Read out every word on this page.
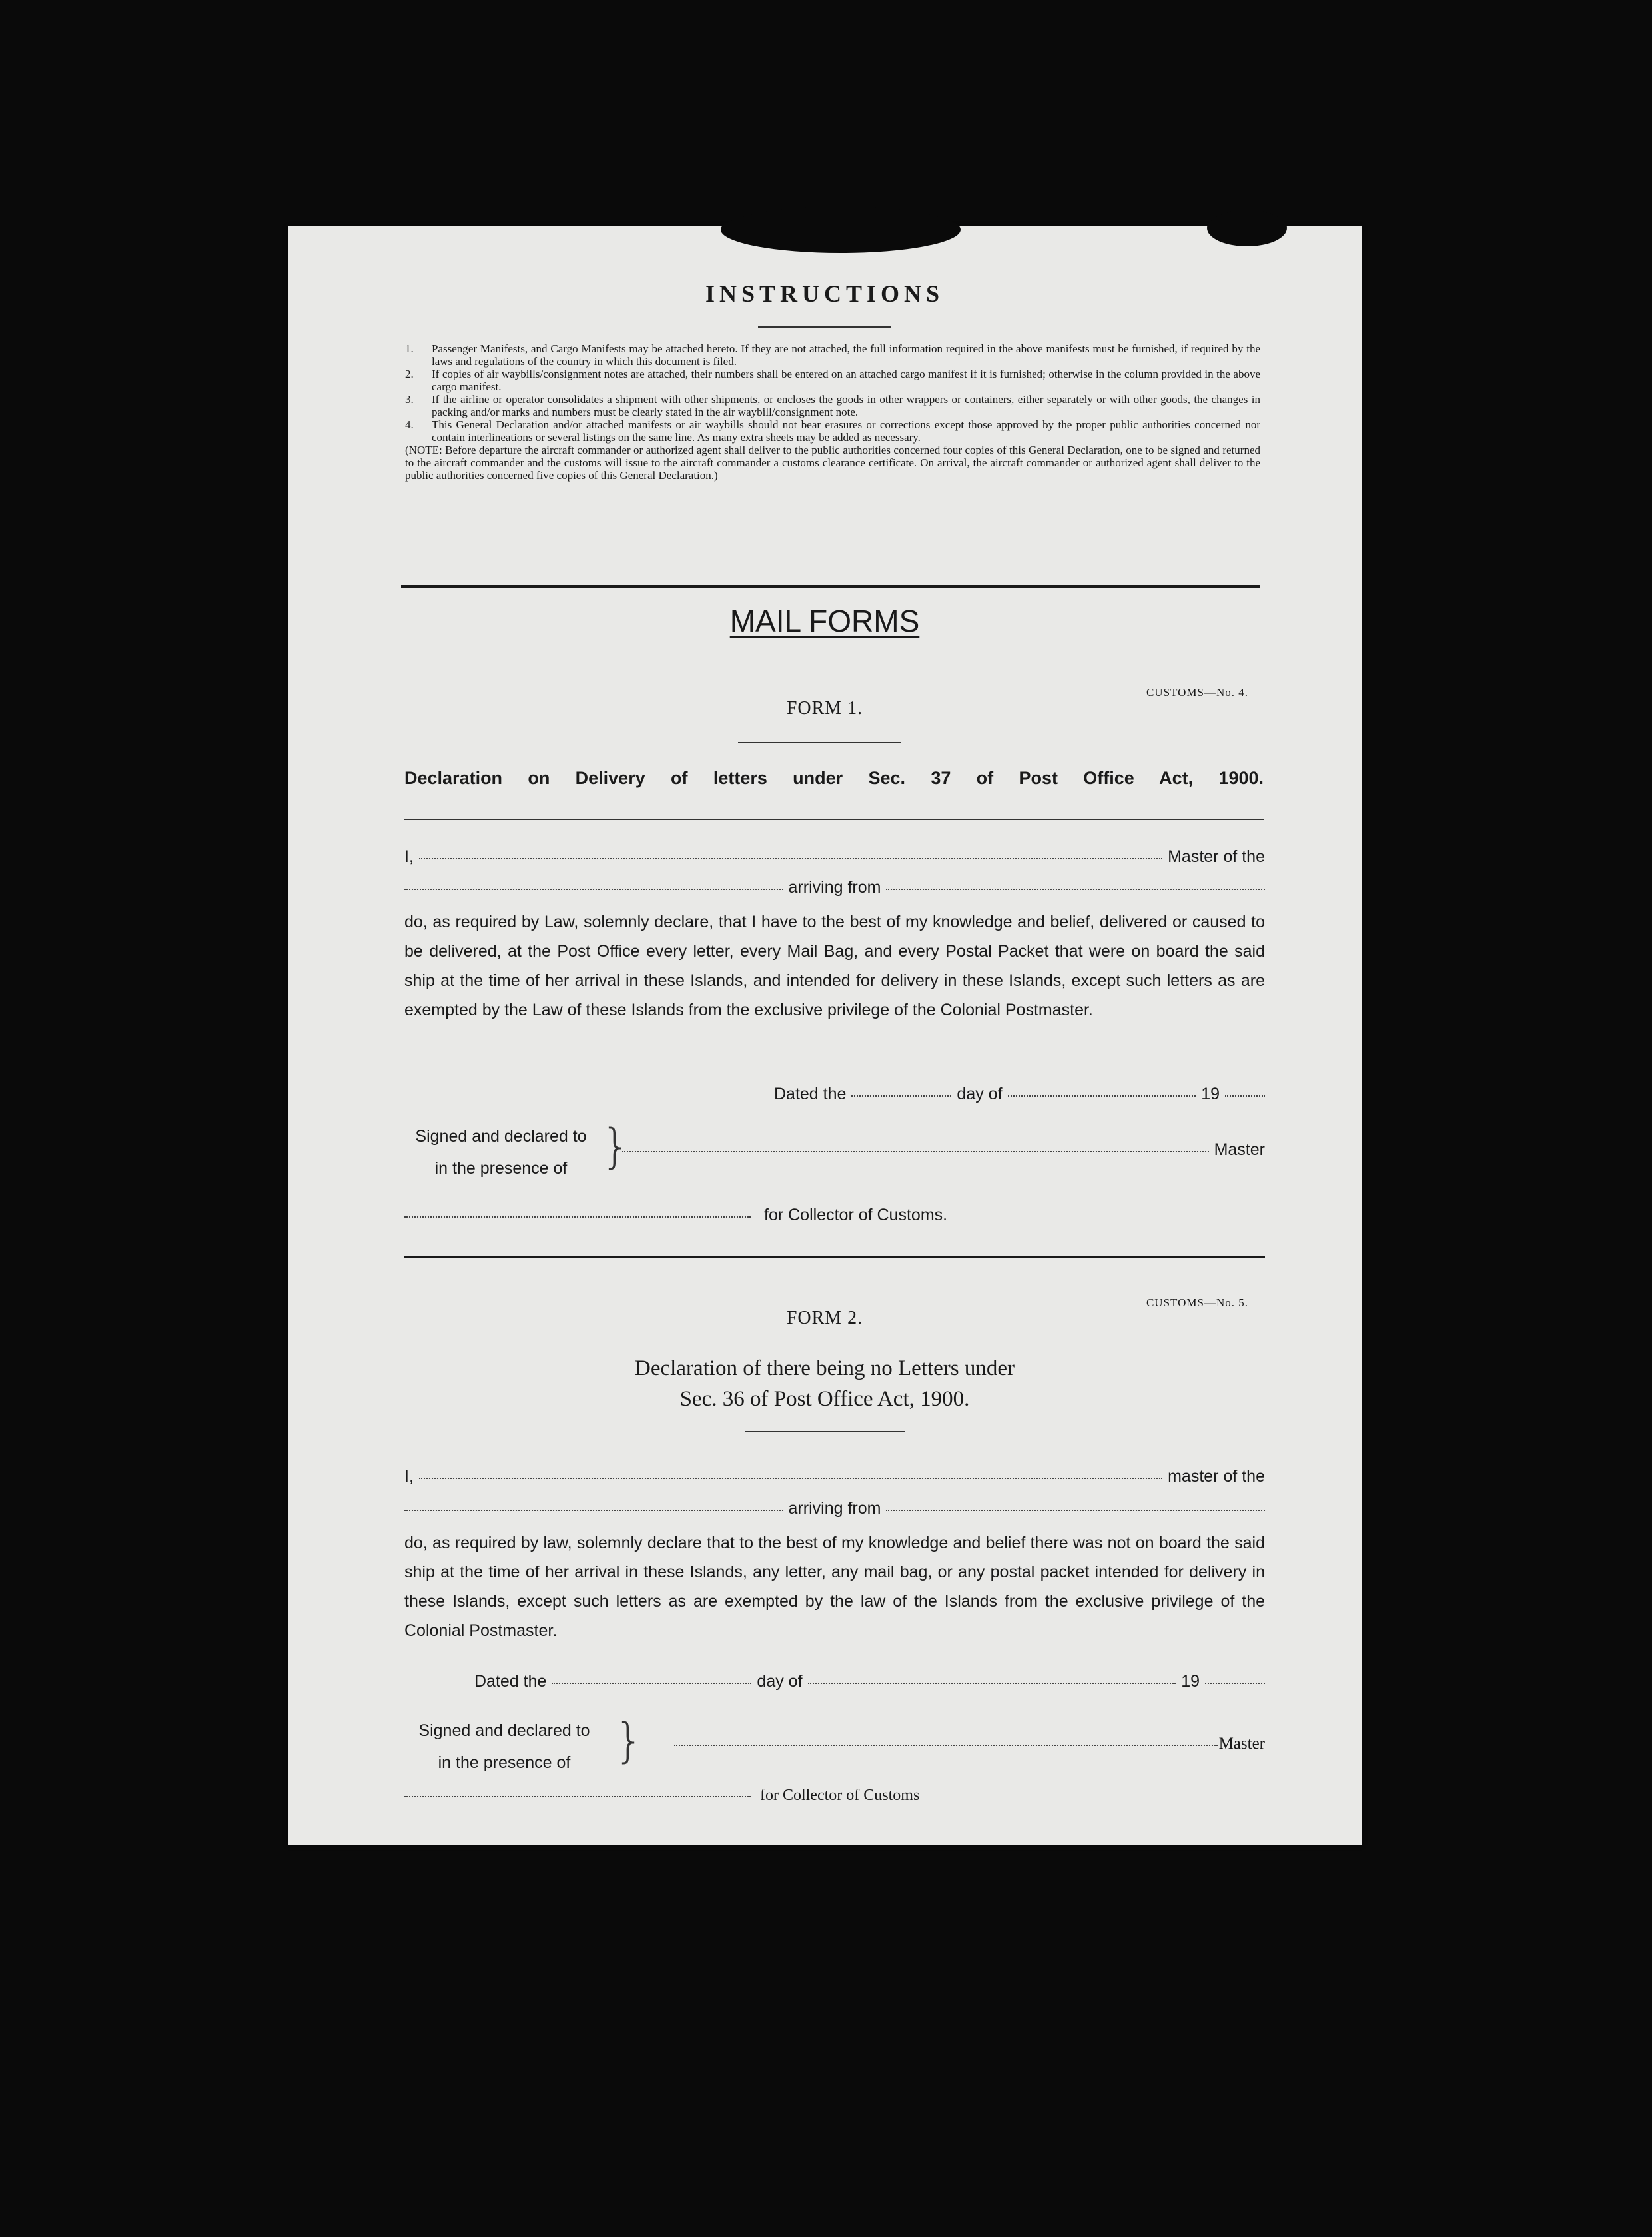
INSTRUCTIONS
1.	Passenger Manifests, and Cargo Manifests may be attached hereto. If they are not attached, the full information required in the above manifests must be furnished, if required by the laws and regulations of the country in which this document is filed.
2.	If copies of air waybills/consignment notes are attached, their numbers shall be entered on an attached cargo manifest if it is furnished; otherwise in the column provided in the above cargo manifest.
3.	If the airline or operator consolidates a shipment with other shipments, or encloses the goods in other wrappers or containers, either separately or with other goods, the changes in packing and/or marks and numbers must be clearly stated in the air waybill/consignment note.
4.	This General Declaration and/or attached manifests or air waybills should not bear erasures or corrections except those approved by the proper public authorities concerned nor contain interlineations or several listings on the same line. As many extra sheets may be added as necessary.
(NOTE: Before departure the aircraft commander or authorized agent shall deliver to the public authorities concerned four copies of this General Declaration, one to be signed and returned to the aircraft commander and the customs will issue to the aircraft commander a customs clearance certificate. On arrival, the aircraft commander or authorized agent shall deliver to the public authorities concerned five copies of this General Declaration.)
MAIL FORMS
CUSTOMS—No. 4.
FORM 1.
Declaration on Delivery of letters under Sec. 37 of Post Office Act, 1900.
I,	Master of the
arriving from
do, as required by Law, solemnly declare, that I have to the best of my knowledge and belief, delivered or caused to be delivered, at the Post Office every letter, every Mail Bag, and every Postal Packet that were on board the said ship at the time of her arrival in these Islands, and intended for delivery in these Islands, except such letters as are exempted by the Law of these Islands from the exclusive privilege of the Colonial Postmaster.
Dated the	day of	19
Signed and declared to
in the presence of }	Master
for Collector of Customs.
CUSTOMS—No. 5.
FORM 2.
Declaration of there being no Letters under
Sec. 36 of Post Office Act, 1900.
I,	master of the
arriving from
do, as required by law, solemnly declare that to the best of my knowledge and belief there was not on board the said ship at the time of her arrival in these Islands, any letter, any mail bag, or any postal packet intended for delivery in these Islands, except such letters as are exempted by the law of the Islands from the exclusive privilege of the Colonial Postmaster.
Dated the	day of	19
Signed and declared to
in the presence of }	Master
for Collector of Customs
